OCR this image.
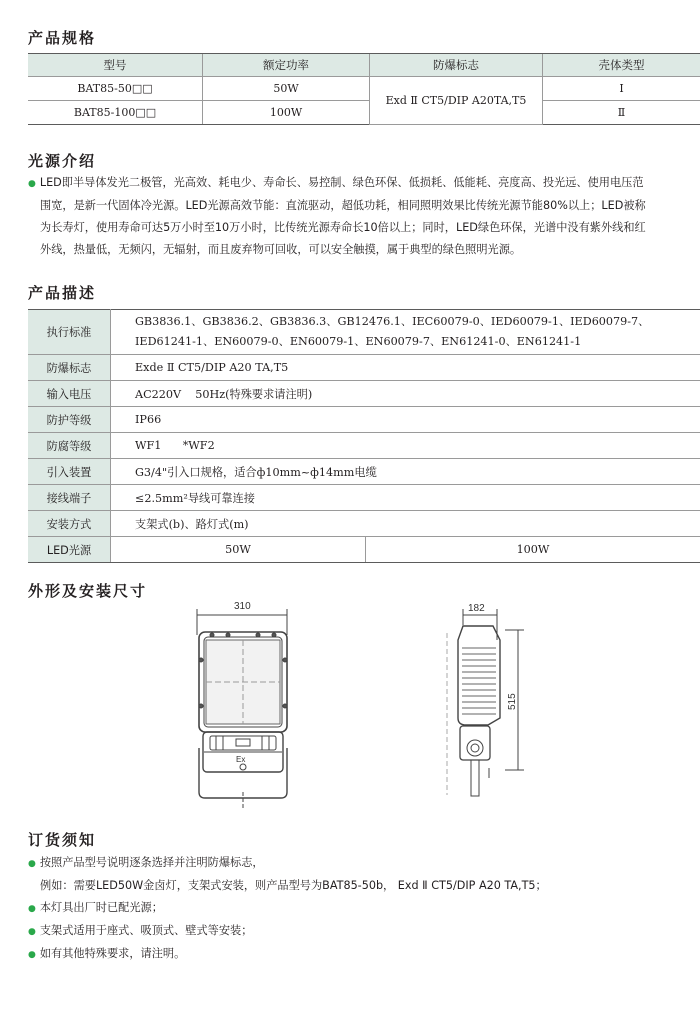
产品规格
型号	额定功率	防爆标志	壳体类型
BAT85-50□□	50W	Exd Ⅱ CT5/DIP A20TA,T5	Ⅰ
BAT85-100□□	100W		Ⅱ
光源介绍
● LED即半导体发光二极管，光高效、耗电少、寿命长、易控制、绿色环保、低损耗、低能耗、亮度高、投光远、使用电压范
围宽，是新一代固体冷光源。LED光源高效节能：直流驱动，超低功耗，相同照明效果比传统光源节能80%以上；LED被称
为长寿灯，使用寿命可达5万小时至10万小时，比传统光源寿命长10倍以上；同时，LED绿色环保，光谱中没有紫外线和红
外线，热量低，无频闪，无辐射，而且废弃物可回收，可以安全触摸，属于典型的绿色照明光源。
产品描述
执行标准	GB3836.1、GB3836.2、GB3836.3、GB12476.1、IEC60079-0、IED60079-1、IED60079-7、
IED61241-1、EN60079-0、EN60079-1、EN60079-7、EN61241-0、EN61241-1	

防爆标志	Exde Ⅱ CT5/DIP A20 TA,T5	
输入电压	AC220V    50Hz(特殊要求请注明)	
防护等级	IP66	
防腐等级	WF1      *WF2	
引入装置	G3/4"引入口规格，适合ф10mm~ф14mm电缆	
接线端子	≤2.5mm²导线可靠连接	
安装方式	支架式(b)、路灯式(m)	
LED光源	50W	100W
外形及安装尺寸
310	182
515
Ex
订货须知
● 按照产品型号说明逐条选择并注明防爆标志，
例如：需要LED50W金卤灯，支架式安装，则产品型号为BAT85-50b， Exd Ⅱ CT5/DIP A20 TA,T5；
● 本灯具出厂时已配光源；
● 支架式适用于座式、吸顶式、壁式等安装；
● 如有其他特殊要求，请注明。
